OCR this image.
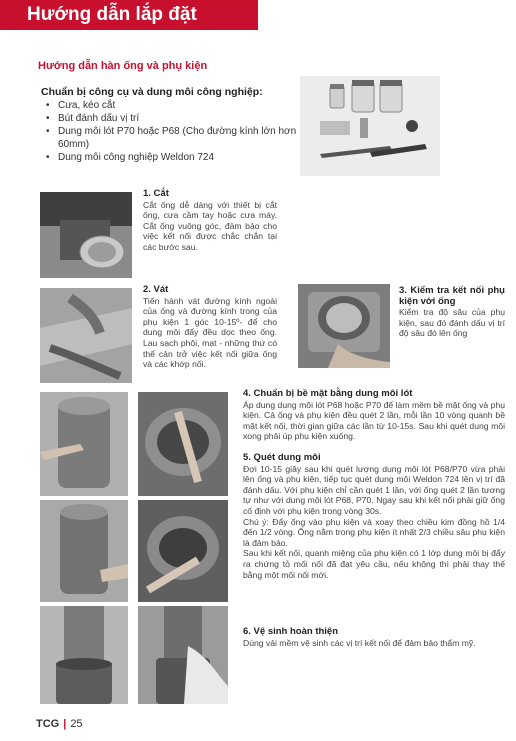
Hướng dẫn lắp đặt
Hướng dẫn hàn ống và phụ kiện
Chuẩn bị công cụ và dung môi công nghiệp:
• Cưa, kéo cắt
• Bút đánh dấu vị trí
• Dung môi lót P70 hoặc P68 (Cho đường kính lớn hơn 60mm)
• Dung môi công nghiệp Weldon 724
1. Cắt

Cắt ống dễ dàng với thiết bị cắt ống, cưa cầm tay hoặc cưa máy. Cắt ống vuông góc, đảm bảo cho việc kết nối được chắc chắn tại các bước sau.

2. Vát

Tiến hành vát đường kính ngoài của ống và đường kính trong của phụ kiện 1 góc 10-15º- để cho dung môi đẩy đều dọc theo ống. Lau sạch phôi, mạt - những thứ có thể cản trở việc kết nối giữa ống và các khớp nối.

3. Kiểm tra kết nối phụ kiện với ống

Kiểm tra độ sâu của phụ kiện, sau đó đánh dấu vị trí độ sâu đó lên ống

4. Chuẩn bị bề mặt bằng dung môi lót

Áp dung dung môi lót P68 hoặc P70 để làm mềm bề mặt ống và phụ kiện. Cả ống và phụ kiện đều quét 2 lần, mỗi lần 10 vòng quanh bề mặt kết nối, thời gian giữa các lần từ 10-15s. Sau khi quét dung môi xong phải úp phụ kiện xuống.

5. Quét dung môi

Đợi 10-15 giây sau khi quét lượng dung môi lót P68/P70 vừa phải lên ống và phụ kiện, tiếp tục quét dung môi Weldon 724 lên vị trí đã đánh dấu. Với phụ kiện chỉ cần quét 1 lần, với ống quét 2 lần tương tự như với dung môi lót P68, P70. Ngay sau khi kết nối phải giữ ống cố định với phụ kiện trong vòng 30s.

Chú ý: Đẩy ống vào phụ kiện và xoay theo chiều kim đồng hồ 1/4 đến 1/2 vòng. Ống nằm trong phụ kiện ít nhất 2/3 chiều sâu phụ kiện là đảm bảo.

Sau khi kết nối, quanh miệng của phụ kiện có 1 lớp dung môi bị đẩy ra chứng tỏ mối nối đã đạt yêu cầu, nếu không thì phải thay thế bằng một mối nối mới.

6. Vệ sinh hoàn thiện

Dùng vải mềm vệ sinh các vị trí kết nối để đảm bảo thẩm mỹ.

TCG | 25
